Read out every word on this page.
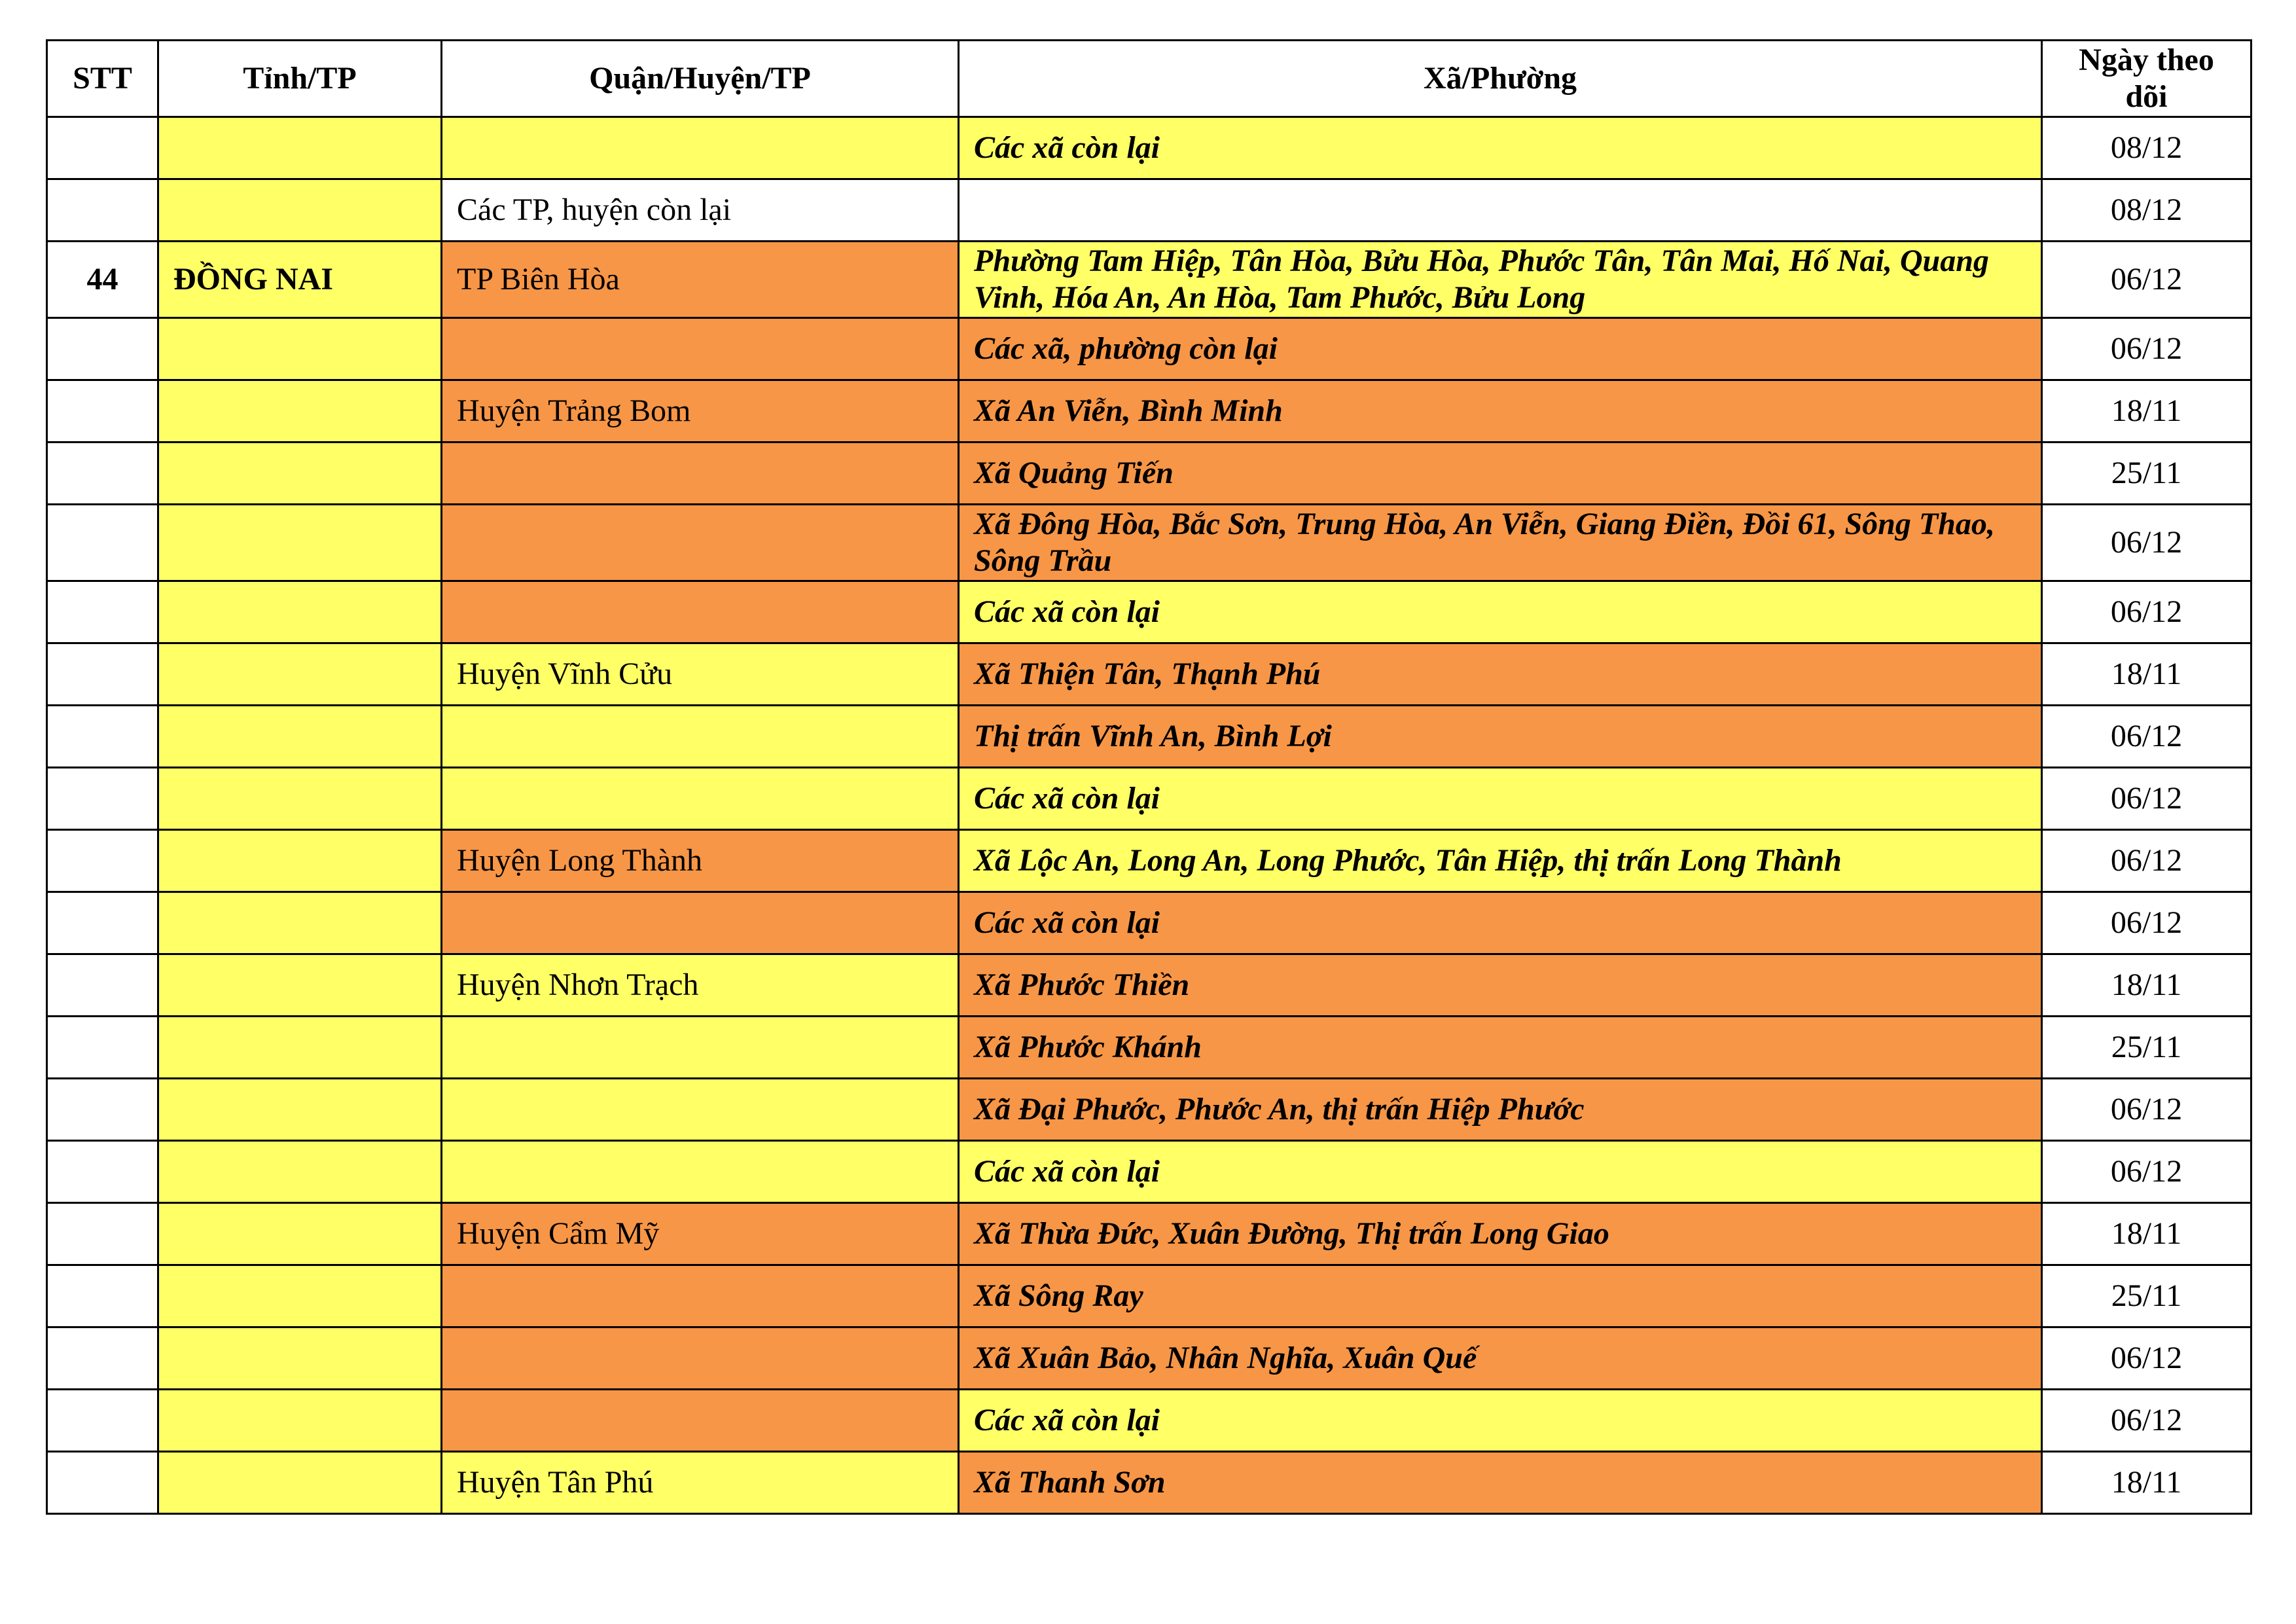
STT	Tỉnh/TP	Quận/Huyện/TP	Xã/Phường	Ngày theo dõi
			Các xã còn lại	08/12
		Các TP, huyện còn lại		08/12
44	ĐỒNG NAI	TP Biên Hòa	Phường Tam Hiệp, Tân Hòa, Bửu Hòa, Phước Tân, Tân Mai, Hố Nai, Quang Vinh, Hóa An, An Hòa, Tam Phước, Bửu Long	06/12
			Các xã, phường còn lại	06/12
		Huyện Trảng Bom	Xã An Viễn, Bình Minh	18/11
			Xã Quảng Tiến	25/11
			Xã Đông Hòa, Bắc Sơn, Trung Hòa, An Viễn, Giang Điền, Đồi 61, Sông Thao, Sông Trầu	06/12
			Các xã còn lại	06/12
		Huyện Vĩnh Cửu	Xã Thiện Tân, Thạnh Phú	18/11
			Thị trấn Vĩnh An, Bình Lợi	06/12
			Các xã còn lại	06/12
		Huyện Long Thành	Xã Lộc An, Long An, Long Phước, Tân Hiệp, thị trấn Long Thành	06/12
			Các xã còn lại	06/12
		Huyện Nhơn Trạch	Xã Phước Thiền	18/11
			Xã Phước Khánh	25/11
			Xã Đại Phước, Phước An, thị trấn Hiệp Phước	06/12
			Các xã còn lại	06/12
		Huyện Cẩm Mỹ	Xã Thừa Đức, Xuân Đường, Thị trấn Long Giao	18/11
			Xã Sông Ray	25/11
			Xã Xuân Bảo, Nhân Nghĩa, Xuân Quế	06/12
			Các xã còn lại	06/12
		Huyện Tân Phú	Xã Thanh Sơn	18/11
